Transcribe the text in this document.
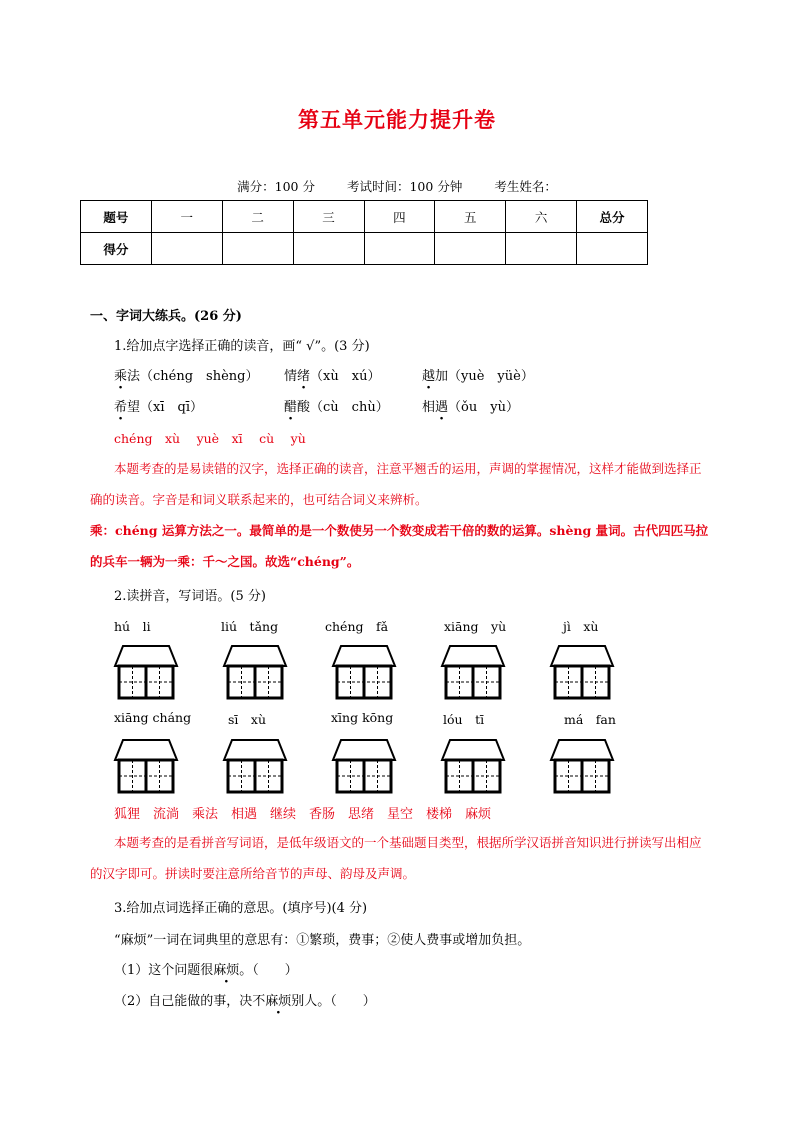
第五单元能力提升卷
满分：100 分	考试时间：100 分钟	考生姓名：
题号	一	二	三	四	五	六	总分
得分							
一、字词大练兵。(26 分)
1.给加点字选择正确的读音，画“ √”。(3 分)
乘法（chéng　shèng） 情绪（xù　xú）	越加（yuè　yüè）
希望（xī　qī）	醋酸（cù　chù）	相遇（ǒu　yù）
chéng　xù　 yuè　xī　 cù　 yù
本题考查的是易读错的汉字，选择正确的读音，注意平翘舌的运用，声调的掌握情况，这样才能做到选择正确的读音。字音是和词义联系起来的，也可结合词义来辨析。
乘：chéng 运算方法之一。最简单的是一个数使另一个数变成若干倍的数的运算。shèng 量词。古代四匹马拉的兵车一辆为一乘：千～之国。故选“chéng”。
2.读拼音，写词语。(5 分)
hú　li	liú　tǎng	chéng　fǎ	xiāng　yù	jì　xù
xiāng cháng	sī　xù	xīng kōng	lóu　tī	má　fan
狐狸　流淌　乘法　相遇　继续　香肠　思绪　星空　楼梯　麻烦
本题考查的是看拼音写词语，是低年级语文的一个基础题目类型，根据所学汉语拼音知识进行拼读写出相应的汉字即可。拼读时要注意所给音节的声母、韵母及声调。
3.给加点词选择正确的意思。(填序号)(4 分)
“麻烦”一词在词典里的意思有：①繁琐，费事；②使人费事或增加负担。
（1）这个问题很麻烦。（　　）
（2）自己能做的事，决不麻烦别人。（　　）
